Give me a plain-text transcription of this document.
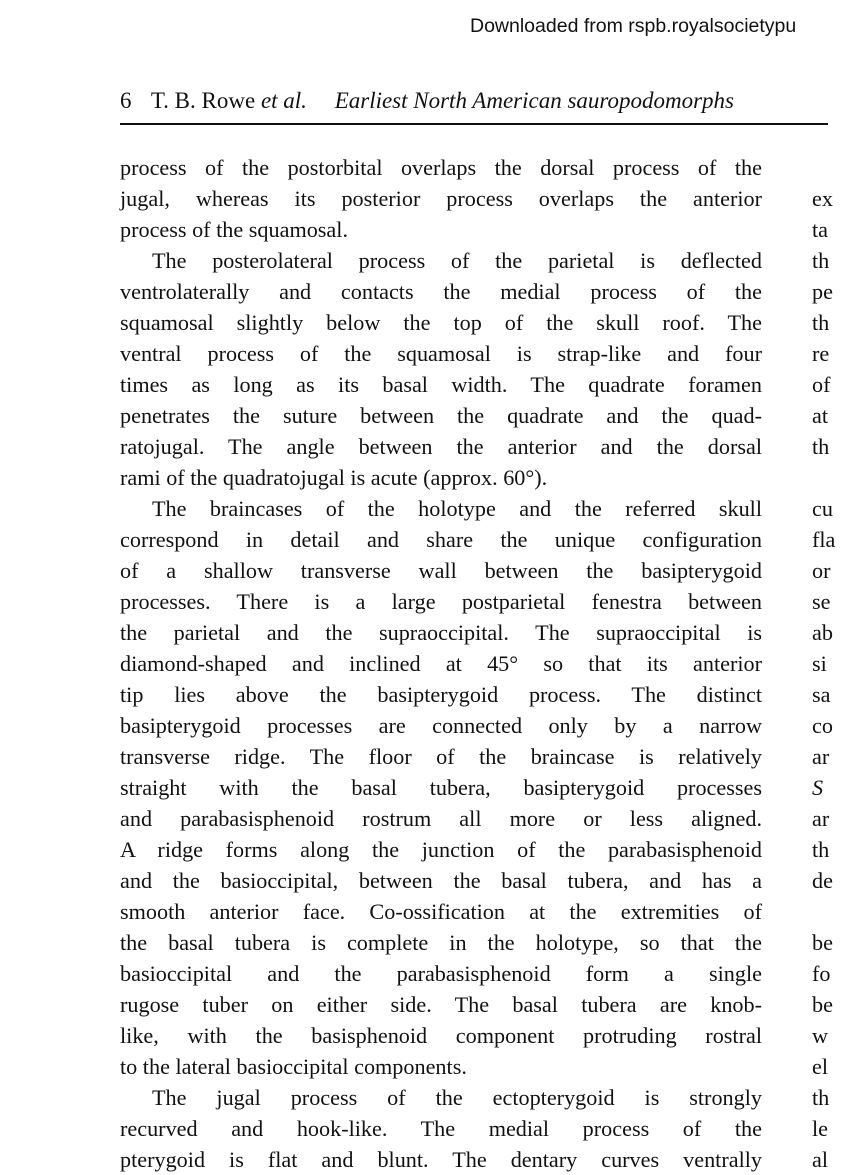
Downloaded from rspb.royalsocietypu
6 T. B. Rowe et al. Earliest North American sauropodomorphs
process of the postorbital overlaps the dorsal process of the
jugal, whereas its posterior process overlaps the anterior
process of the squamosal.
The posterolateral process of the parietal is deflected
ventrolaterally and contacts the medial process of the
squamosal slightly below the top of the skull roof. The
ventral process of the squamosal is strap-like and four
times as long as its basal width. The quadrate foramen
penetrates the suture between the quadrate and the quad-
ratojugal. The angle between the anterior and the dorsal
rami of the quadratojugal is acute (approx. 60°).
The braincases of the holotype and the referred skull
correspond in detail and share the unique configuration
of a shallow transverse wall between the basipterygoid
processes. There is a large postparietal fenestra between
the parietal and the supraoccipital. The supraoccipital is
diamond-shaped and inclined at 45° so that its anterior
tip lies above the basipterygoid process. The distinct
basipterygoid processes are connected only by a narrow
transverse ridge. The floor of the braincase is relatively
straight with the basal tubera, basipterygoid processes
and parabasisphenoid rostrum all more or less aligned.
A ridge forms along the junction of the parabasisphenoid
and the basioccipital, between the basal tubera, and has a
smooth anterior face. Co-ossification at the extremities of
the basal tubera is complete in the holotype, so that the
basioccipital and the parabasisphenoid form a single
rugose tuber on either side. The basal tubera are knob-
like, with the basisphenoid component protruding rostral
to the lateral basioccipital components.
The jugal process of the ectopterygoid is strongly
recurved and hook-like. The medial process of the
pterygoid is flat and blunt. The dentary curves ventrally
ex
ta
th
pe
th
re
of
at
th
cu
fla
or
se
ab
si
sa
co
ar
S
ar
th
de
be
fo
be
w
el
th
le
al
